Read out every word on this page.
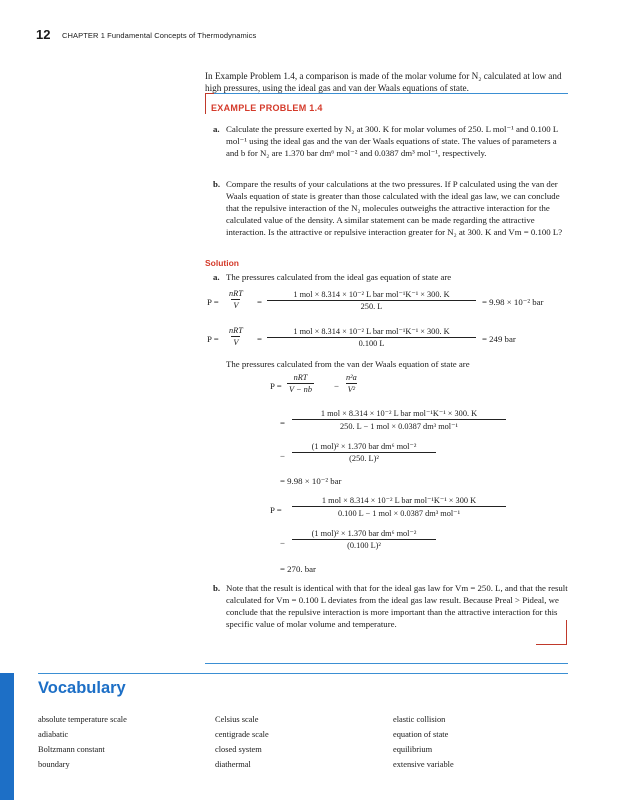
12 CHAPTER 1 Fundamental Concepts of Thermodynamics
In Example Problem 1.4, a comparison is made of the molar volume for N₂ calculated at low and high pressures, using the ideal gas and van der Waals equations of state.
EXAMPLE PROBLEM 1.4
a. Calculate the pressure exerted by N₂ at 300. K for molar volumes of 250. L mol⁻¹ and 0.100 L mol⁻¹ using the ideal gas and the van der Waals equations of state. The values of parameters a and b for N₂ are 1.370 bar dm⁶ mol⁻² and 0.0387 dm³ mol⁻¹, respectively.
b. Compare the results of your calculations at the two pressures. If P calculated using the van der Waals equation of state is greater than those calculated with the ideal gas law, we can conclude that the repulsive interaction of the N₂ molecules outweighs the attractive interaction for the calculated value of the density. A similar statement can be made regarding the attractive interaction. Is the attractive or repulsive interaction greater for N₂ at 300. K and Vm = 0.100 L?
Solution
a. The pressures calculated from the ideal gas equation of state are
P =
nRT
V =
1 mol × 8.314 × 10⁻² L bar mol⁻¹K⁻¹ × 300. K
250. L	= 9.98 × 10⁻² bar
P =
nRT
V =
1 mol × 8.314 × 10⁻² L bar mol⁻¹K⁻¹ × 300. K
0.100 L	= 249 bar
The pressures calculated from the van der Waals equation of state are
P =
nRT
V − nb	− $\frac{\text{n²a}}{\text{V²}}$
=
1 mol × 8.314 × 10⁻² L bar mol⁻¹K⁻¹ × 300. K
250. L − 1 mol × 0.0387 dm³ mol⁻¹
−
(1 mol)² × 1.370 bar dm⁶ mol⁻²
(250. L)²
= 9.98 × 10⁻² bar
P =
1 mol × 8.314 × 10⁻² L bar mol⁻¹K⁻¹ × 300 K
0.100 L − 1 mol × 0.0387 dm³ mol⁻¹
−
(1 mol)² × 1.370 bar dm⁶ mol⁻²
(0.100 L)²
= 270. bar
b. Note that the result is identical with that for the ideal gas law for Vm = 250. L, and that the result calculated for Vm = 0.100 L deviates from the ideal gas law result. Because Preal > Pideal, we conclude that the repulsive interaction is more important than the attractive interaction for this specific value of molar volume and temperature.
Vocabulary
absolute temperature scale
adiabatic
Boltzmann constant
boundary
Celsius scale
centigrade scale
closed system
diathermal
elastic collision
equation of state
equilibrium
extensive variable
